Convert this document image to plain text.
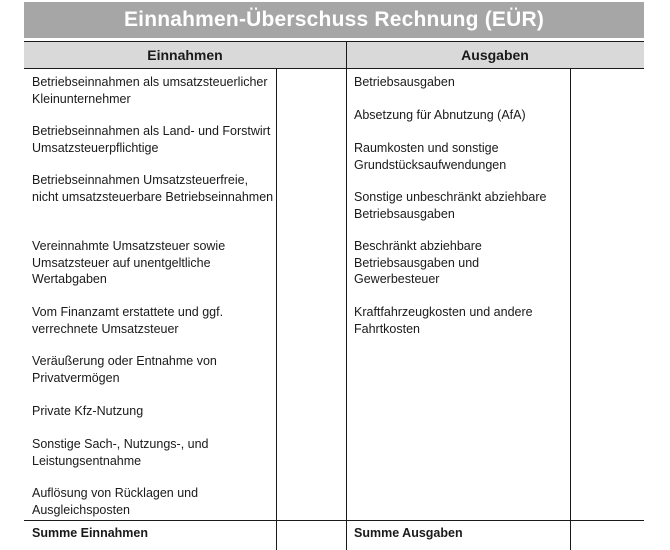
Einnahmen-Überschuss Rechnung (EÜR)
Einnahmen	Ausgaben
Betriebseinnahmen als umsatzsteuerlicher Kleinunternehmer
Betriebseinnahmen als Land- und Forstwirt Umsatzsteuerpflichtige
Betriebseinnahmen Umsatzsteuerfreie, nicht umsatzsteuerbare Betriebseinnahmen
Vereinnahmte Umsatzsteuer sowie Umsatzsteuer auf unentgeltliche Wertabgaben
Vom Finanzamt erstattete und ggf. verrechnete Umsatzsteuer
Veräußerung oder Entnahme von Privatvermögen
Private Kfz-Nutzung
Sonstige Sach-, Nutzungs-, und Leistungsentnahme
Auflösung von Rücklagen und Ausgleichsposten
Betriebsausgaben
Absetzung für Abnutzung (AfA)
Raumkosten und sonstige Grundstücksaufwendungen
Sonstige unbeschränkt abziehbare Betriebsausgaben
Beschränkt abziehbare Betriebsausgaben und Gewerbesteuer
Kraftfahrzeugkosten und andere Fahrtkosten
Summe Einnahmen	Summe Ausgaben
